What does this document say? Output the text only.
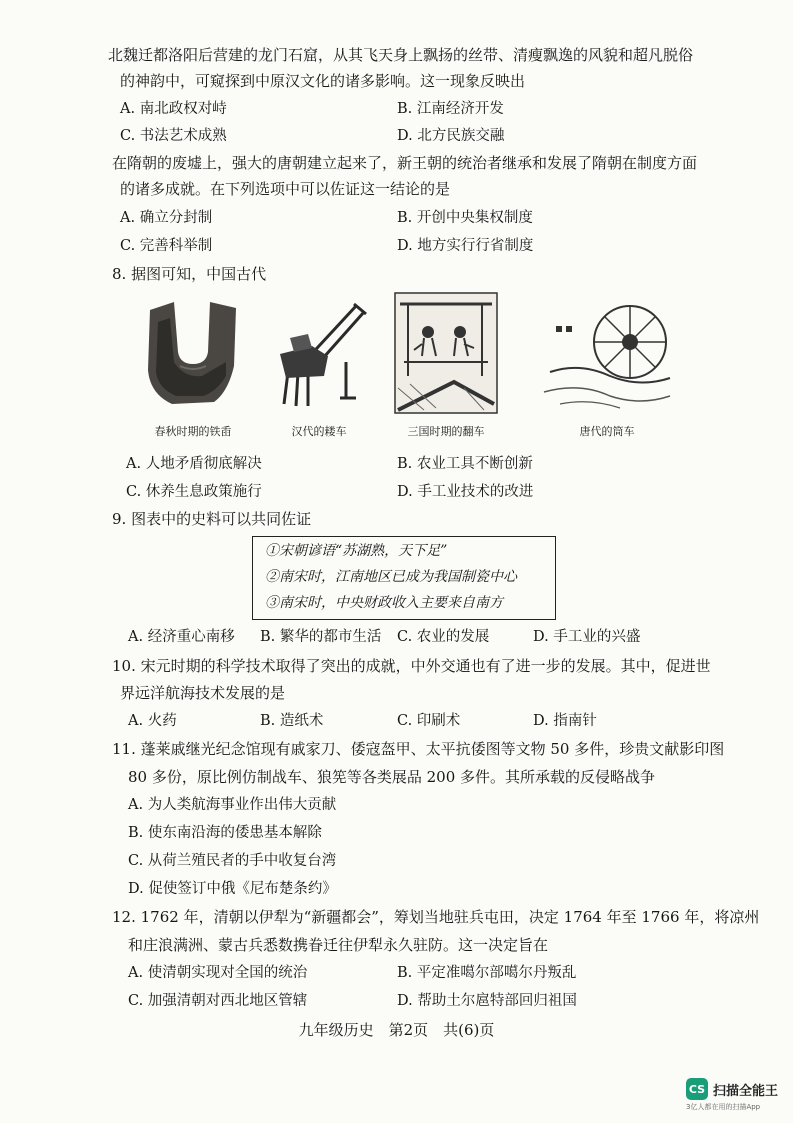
北魏迁都洛阳后营建的龙门石窟，从其飞天身上飘扬的丝带、清瘦飘逸的风貌和超凡脱俗
的神韵中，可窥探到中原汉文化的诸多影响。这一现象反映出
A. 南北政权对峙	B. 江南经济开发
C. 书法艺术成熟	D. 北方民族交融
在隋朝的废墟上，强大的唐朝建立起来了，新王朝的统治者继承和发展了隋朝在制度方面
的诸多成就。在下列选项中可以佐证这一结论的是
A. 确立分封制	B. 开创中央集权制度
C. 完善科举制	D. 地方实行行省制度
8. 据图可知，中国古代
春秋时期的铁臿	汉代的耧车	三国时期的翻车	唐代的筒车
A. 人地矛盾彻底解决	B. 农业工具不断创新
C. 休养生息政策施行	D. 手工业技术的改进
9. 图表中的史料可以共同佐证
①宋朝谚语“苏湖熟，天下足”
②南宋时，江南地区已成为我国制瓷中心
③南宋时，中央财政收入主要来自南方
A. 经济重心南移 B. 繁华的都市生活 C. 农业的发展	D. 手工业的兴盛
10. 宋元时期的科学技术取得了突出的成就，中外交通也有了进一步的发展。其中，促进世
界远洋航海技术发展的是
A. 火药	B. 造纸术	C. 印刷术	D. 指南针
11. 蓬莱戚继光纪念馆现有戚家刀、倭寇盔甲、太平抗倭图等文物 50 多件，珍贵文献影印图
80 多份，原比例仿制战车、狼筅等各类展品 200 多件。其所承载的反侵略战争
A. 为人类航海事业作出伟大贡献
B. 使东南沿海的倭患基本解除
C. 从荷兰殖民者的手中收复台湾
D. 促使签订中俄《尼布楚条约》
12. 1762 年，清朝以伊犁为“新疆都会”，筹划当地驻兵屯田，决定 1764 年至 1766 年，将凉州
和庄浪满洲、蒙古兵悉数携眷迁往伊犁永久驻防。这一决定旨在
A. 使清朝实现对全国的统治	B. 平定准噶尔部噶尔丹叛乱
C. 加强清朝对西北地区管辖	D. 帮助土尔扈特部回归祖国
九年级历史　第2页　共(6)页
CS 扫描全能王
3亿人都在用的扫描App
